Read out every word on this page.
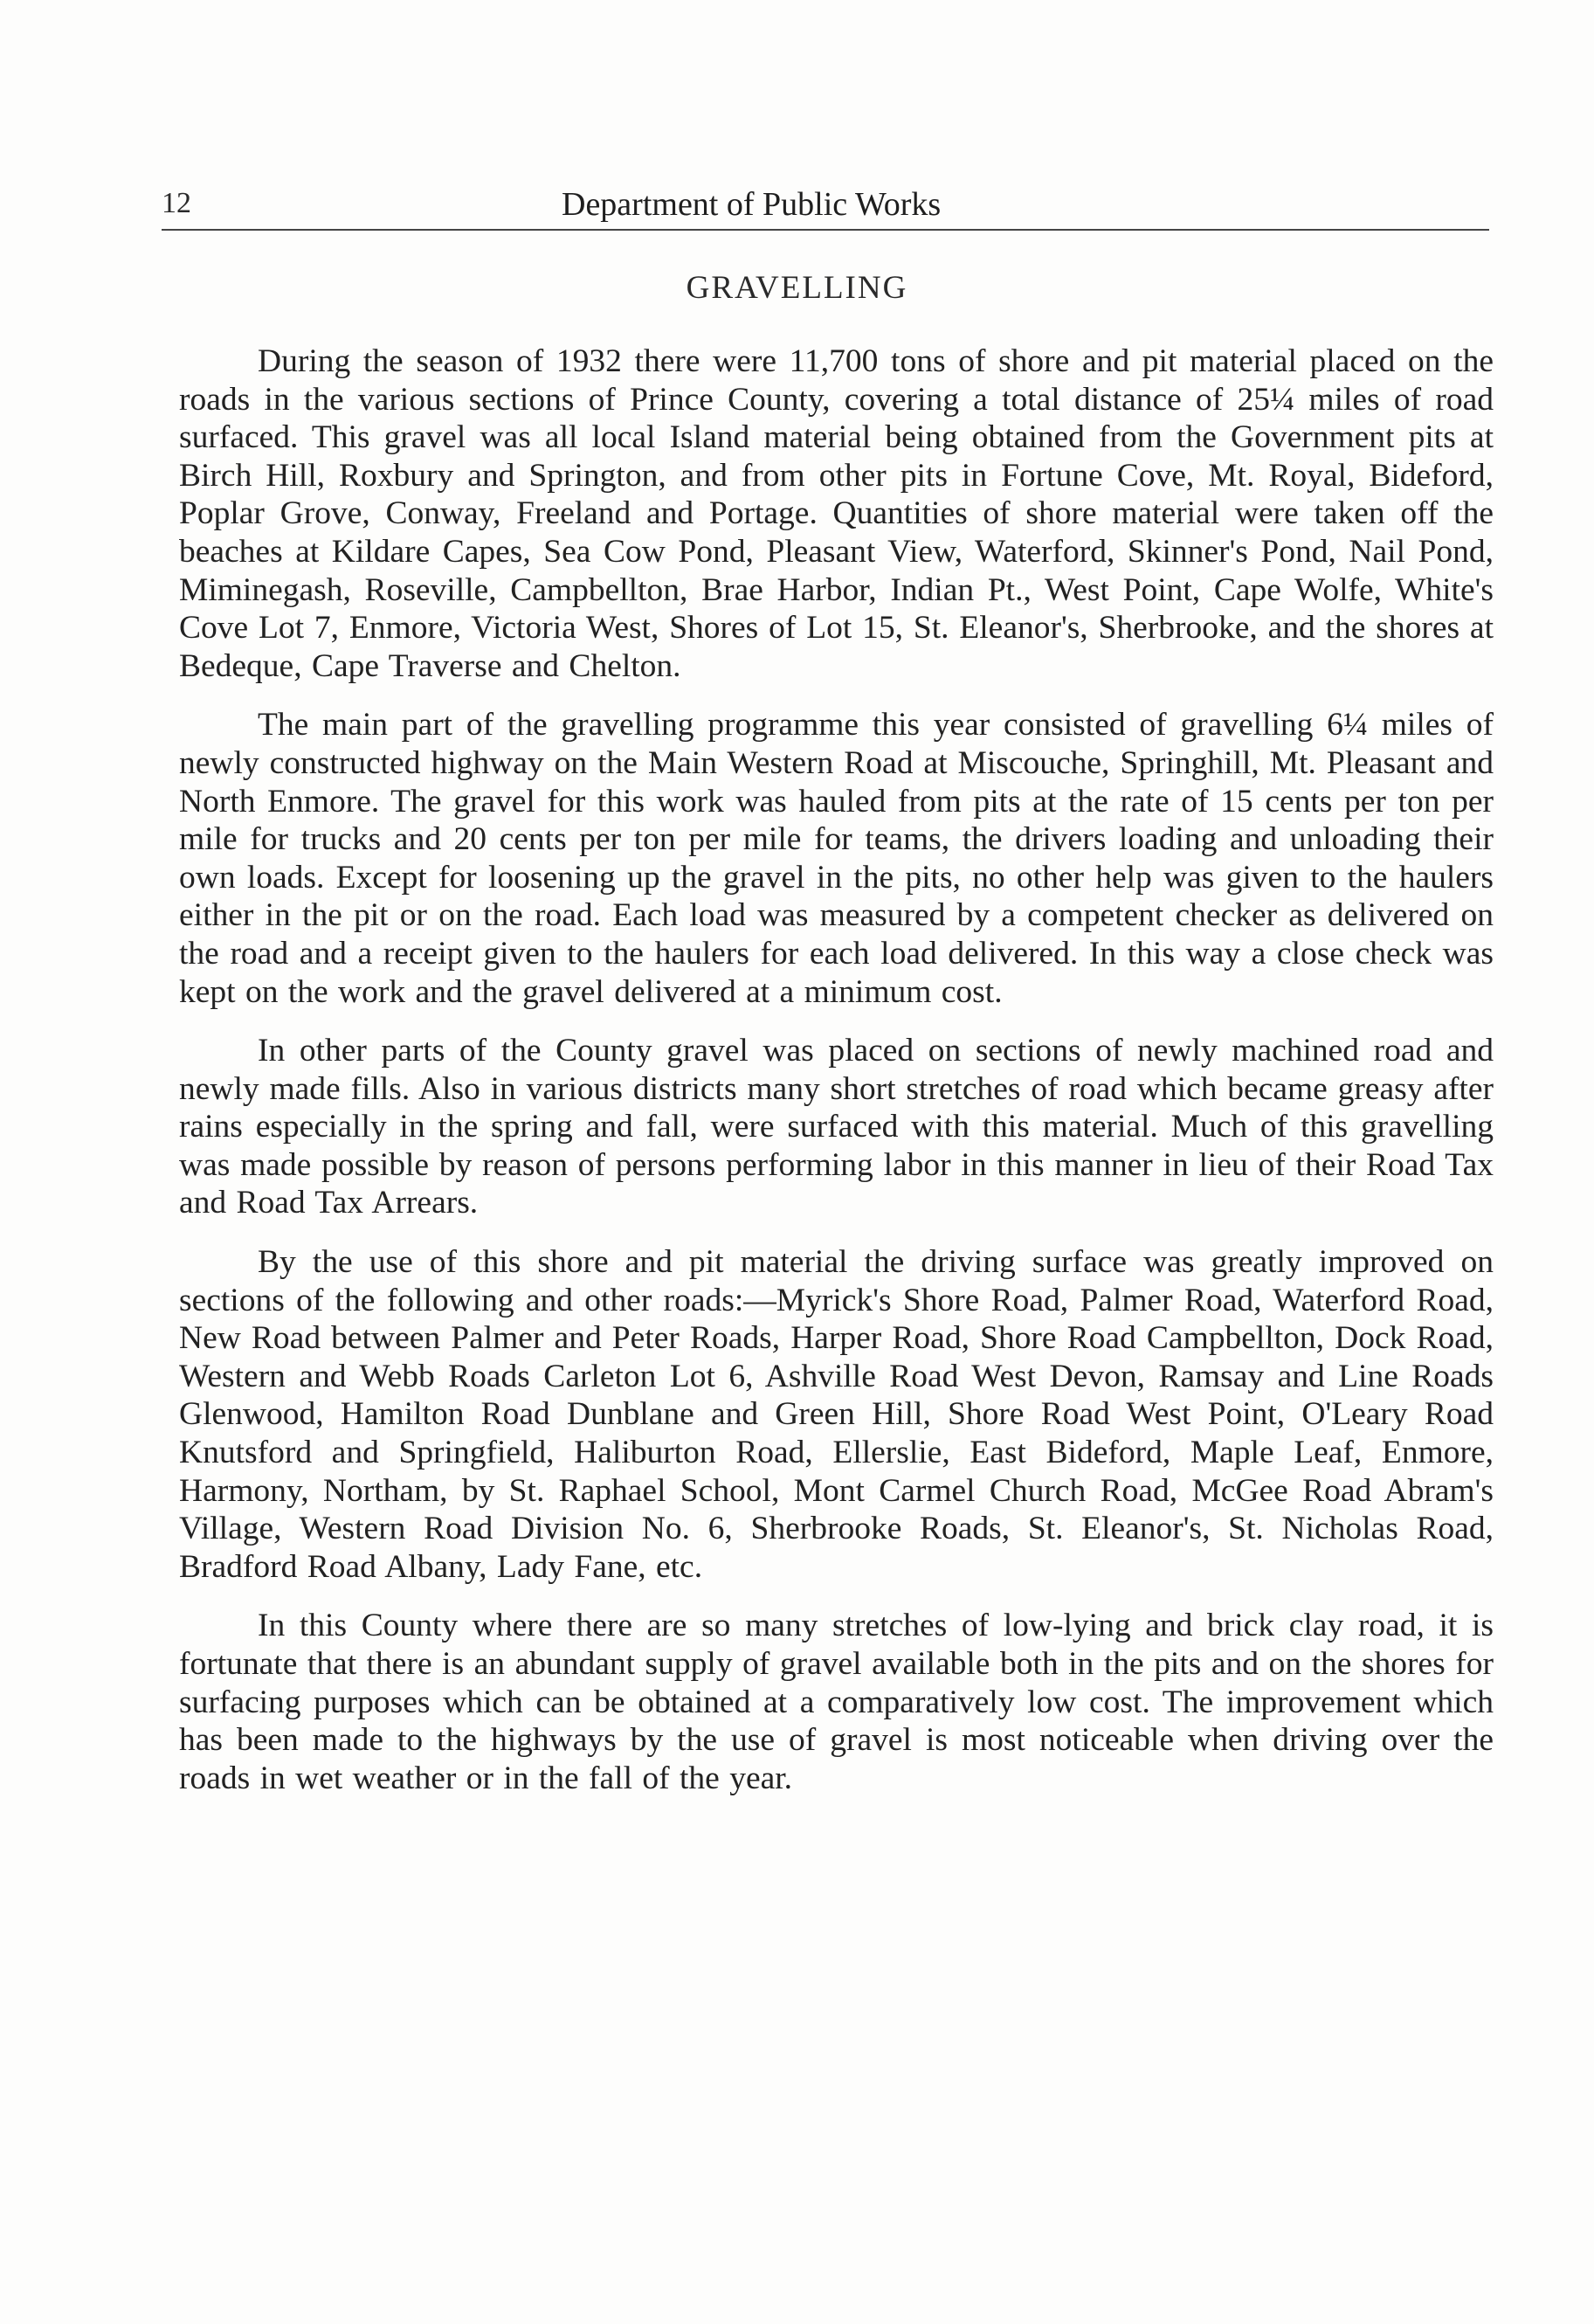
12	Department of Public Works
GRAVELLING

During the season of 1932 there were 11,700 tons of shore and pit material placed on the roads in the various sections of Prince County, covering a total distance of 25¼ miles of road surfaced. This gravel was all local Island material being obtained from the Government pits at Birch Hill, Roxbury and Springton, and from other pits in Fortune Cove, Mt. Royal, Bideford, Poplar Grove, Conway, Freeland and Portage. Quantities of shore material were taken off the beaches at Kildare Capes, Sea Cow Pond, Pleasant View, Waterford, Skinner's Pond, Nail Pond, Miminegash, Roseville, Campbellton, Brae Harbor, Indian Pt., West Point, Cape Wolfe, White's Cove Lot 7, Enmore, Victoria West, Shores of Lot 15, St. Eleanor's, Sherbrooke, and the shores at Bedeque, Cape Traverse and Chelton.

The main part of the gravelling programme this year consisted of gravelling 6¼ miles of newly constructed highway on the Main Western Road at Miscouche, Springhill, Mt. Pleasant and North Enmore. The gravel for this work was hauled from pits at the rate of 15 cents per ton per mile for trucks and 20 cents per ton per mile for teams, the drivers loading and unloading their own loads. Except for loosening up the gravel in the pits, no other help was given to the haulers either in the pit or on the road. Each load was measured by a competent checker as delivered on the road and a receipt given to the haulers for each load delivered. In this way a close check was kept on the work and the gravel delivered at a minimum cost.

In other parts of the County gravel was placed on sections of newly machined road and newly made fills. Also in various districts many short stretches of road which became greasy after rains especially in the spring and fall, were surfaced with this material. Much of this gravelling was made possible by reason of persons performing labor in this manner in lieu of their Road Tax and Road Tax Arrears.

By the use of this shore and pit material the driving surface was greatly improved on sections of the following and other roads:—Myrick's Shore Road, Palmer Road, Waterford Road, New Road between Palmer and Peter Roads, Harper Road, Shore Road Campbellton, Dock Road, Western and Webb Roads Carleton Lot 6, Ashville Road West Devon, Ramsay and Line Roads Glenwood, Hamilton Road Dunblane and Green Hill, Shore Road West Point, O'Leary Road Knutsford and Springfield, Haliburton Road, Ellerslie, East Bideford, Maple Leaf, Enmore, Harmony, Northam, by St. Raphael School, Mont Carmel Church Road, McGee Road Abram's Village, Western Road Division No. 6, Sherbrooke Roads, St. Eleanor's, St. Nicholas Road, Bradford Road Albany, Lady Fane, etc.

In this County where there are so many stretches of low-lying and brick clay road, it is fortunate that there is an abundant supply of gravel available both in the pits and on the shores for surfacing purposes which can be obtained at a comparatively low cost. The improvement which has been made to the highways by the use of gravel is most noticeable when driving over the roads in wet weather or in the fall of the year.
